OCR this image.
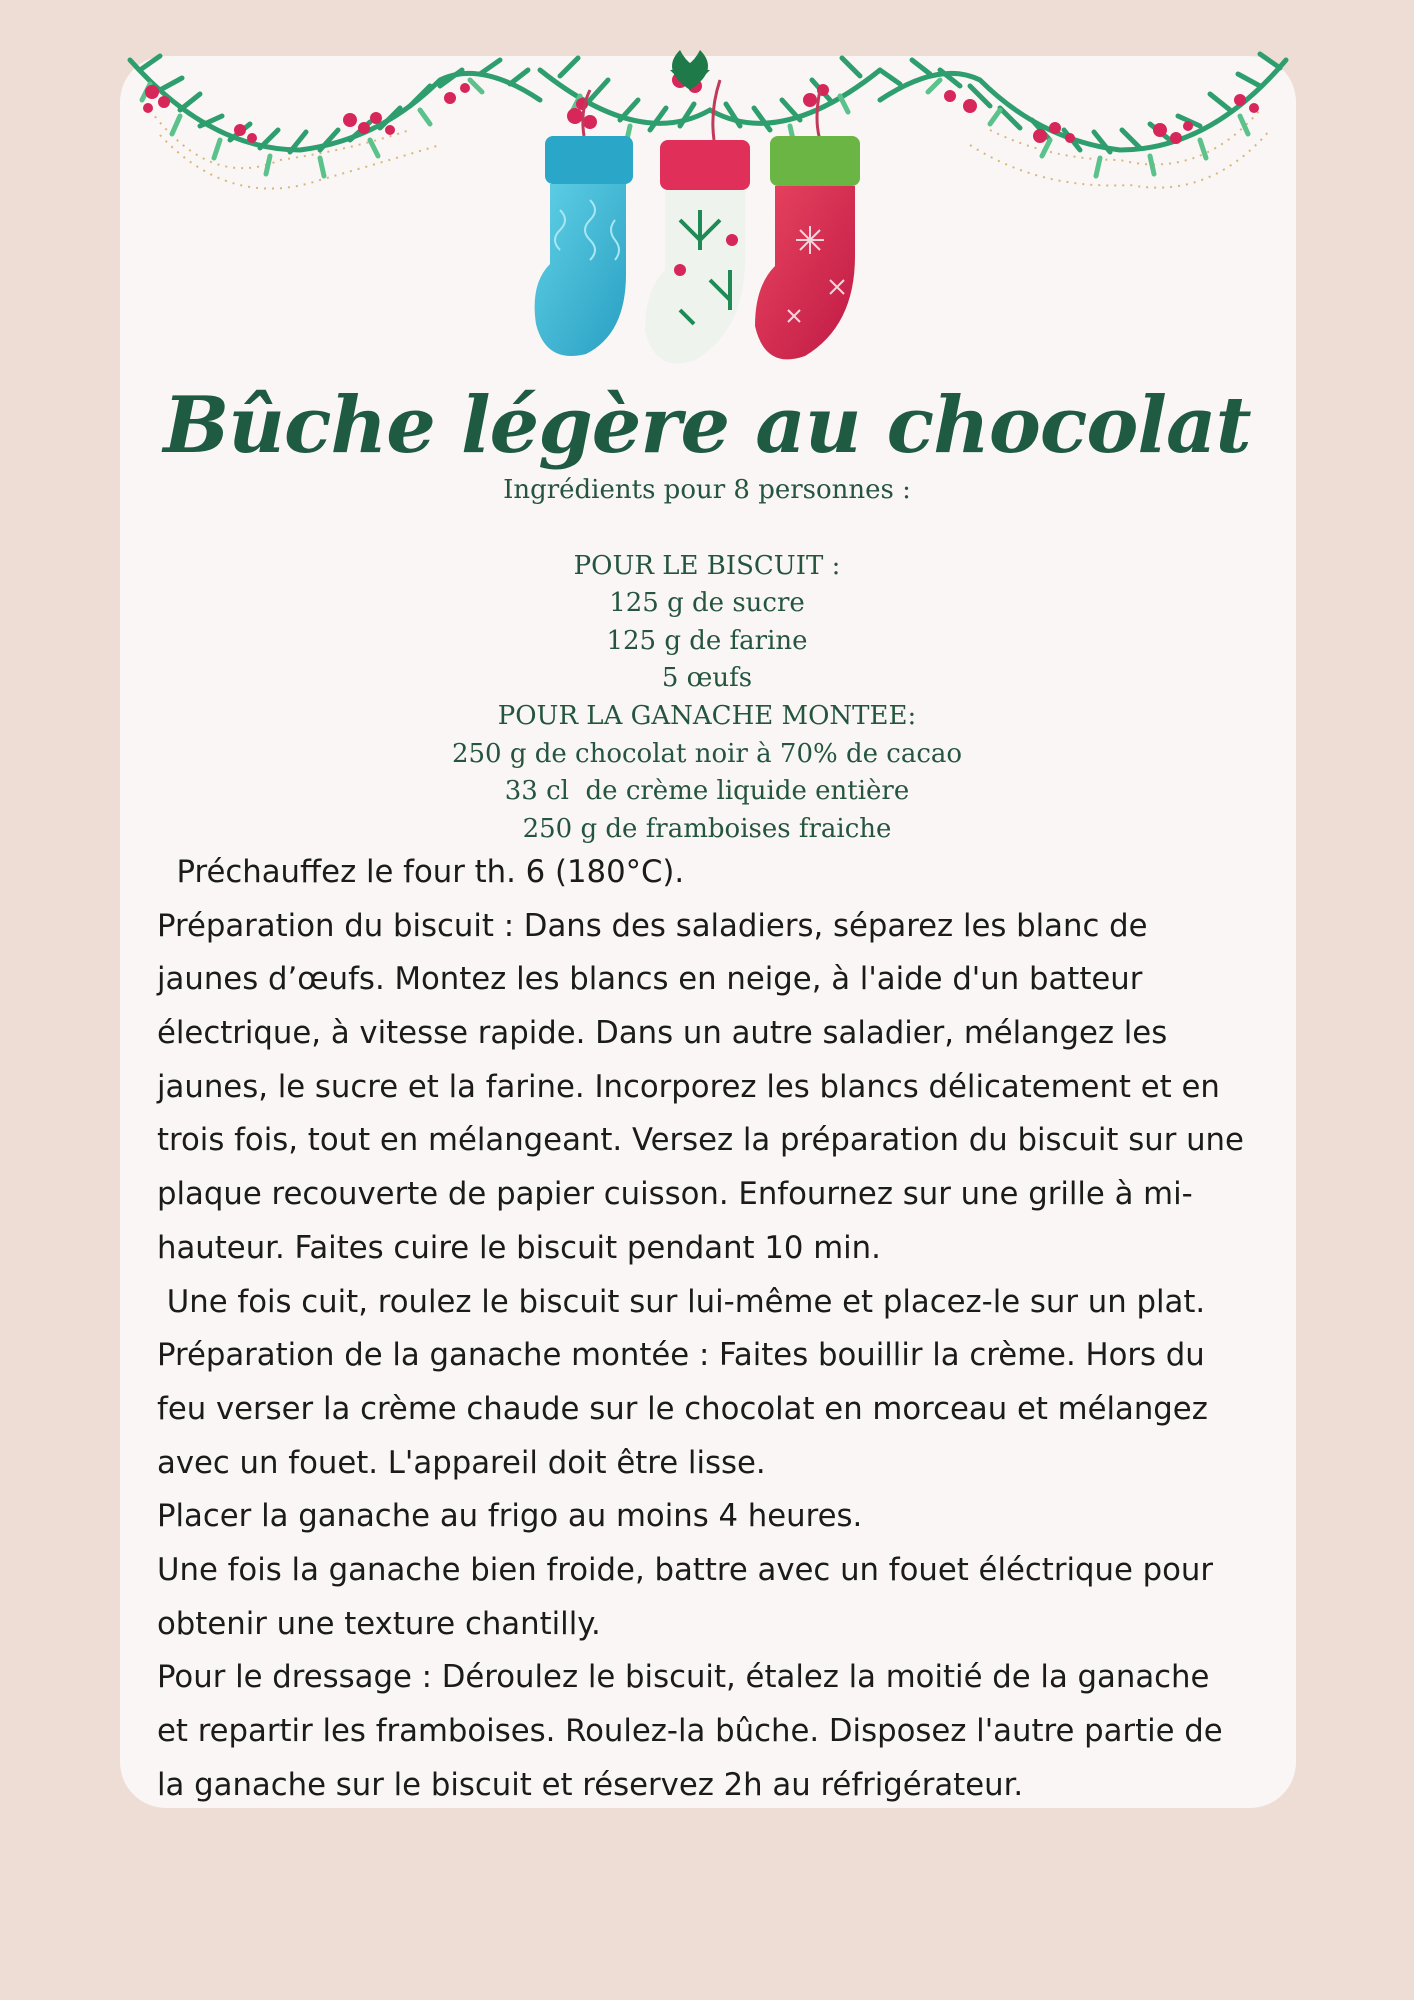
Bûche légère au chocolat
Ingrédients pour 8 personnes :
POUR LE BISCUIT :
125 g de sucre
125 g de farine
5 œufs
POUR LA GANACHE MONTEE:
250 g de chocolat noir à 70% de cacao
33 cl  de crème liquide entière
250 g de framboises fraiche
Préchauffez le four th. 6 (180°C).
Préparation du biscuit : Dans des saladiers, séparez les blanc de
jaunes d’œufs. Montez les blancs en neige, à l'aide d'un batteur
électrique, à vitesse rapide. Dans un autre saladier, mélangez les
jaunes, le sucre et la farine. Incorporez les blancs délicatement et en
trois fois, tout en mélangeant. Versez la préparation du biscuit sur une
plaque recouverte de papier cuisson. Enfournez sur une grille à mi-
hauteur. Faites cuire le biscuit pendant 10 min.
Une fois cuit, roulez le biscuit sur lui-même et placez-le sur un plat.
Préparation de la ganache montée : Faites bouillir la crème. Hors du
feu verser la crème chaude sur le chocolat en morceau et mélangez
avec un fouet. L'appareil doit être lisse.
Placer la ganache au frigo au moins 4 heures.
Une fois la ganache bien froide, battre avec un fouet éléctrique pour
obtenir une texture chantilly.
Pour le dressage : Déroulez le biscuit, étalez la moitié de la ganache
et repartir les framboises. Roulez-la bûche. Disposez l'autre partie de
la ganache sur le biscuit et réservez 2h au réfrigérateur.
